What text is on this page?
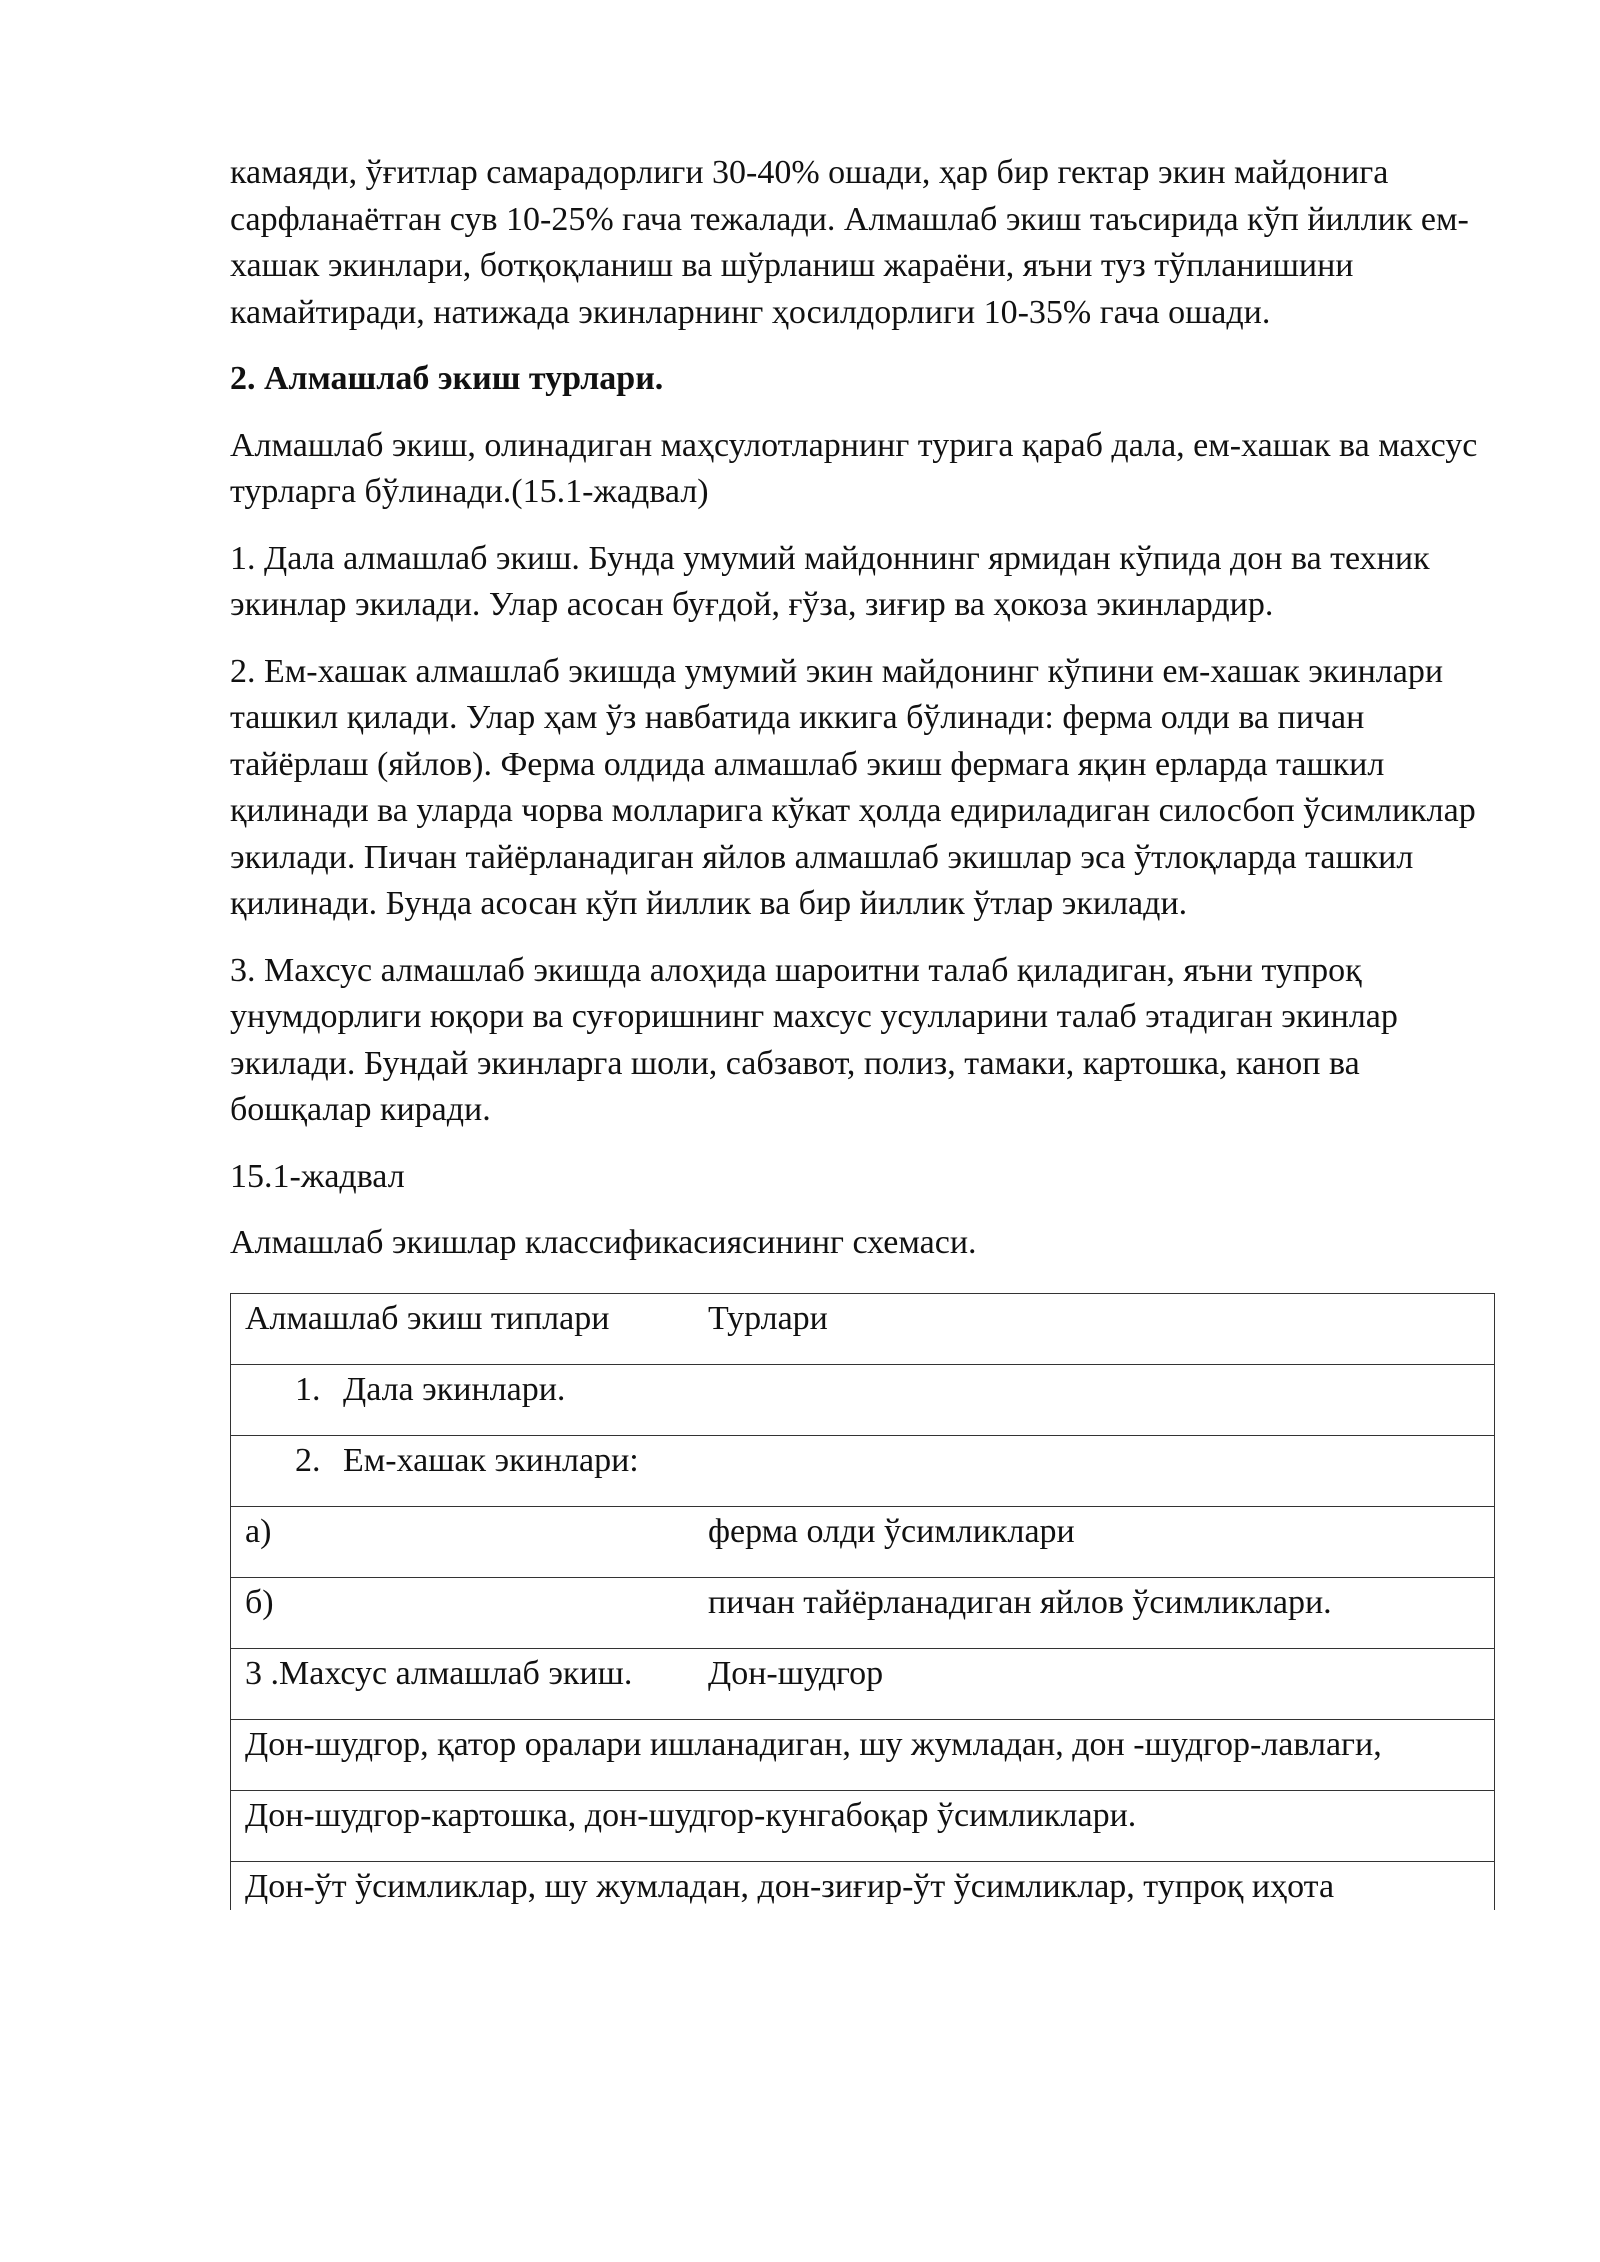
камаяди, ўғитлар самарадорлиги 30-40% ошади, ҳар бир гектар экин майдонига сарфланаётган сув 10-25% гача тежалади. Алмашлаб экиш таъсирида кўп йиллик ем-хашак экинлари, ботқоқланиш ва шўрланиш жараёни, яъни туз тўпланишини камайтиради, натижада экинларнинг ҳосилдорлиги 10-35% гача ошади.

2. Алмашлаб экиш турлари.

Алмашлаб экиш, олинадиган маҳсулотларнинг турига қараб дала, ем-хашак ва махсус турларга бўлинади.(15.1-жадвал)

1. Дала алмашлаб экиш. Бунда умумий майдоннинг ярмидан кўпида дон ва техник экинлар экилади. Улар асосан буғдой, ғўза, зиғир ва ҳокоза экинлардир.

2. Ем-хашак алмашлаб экишда умумий экин майдонинг кўпини ем-хашак экинлари ташкил қилади. Улар ҳам ўз навбатида иккига бўлинади: ферма олди ва пичан тайёрлаш (яйлов). Ферма олдида алмашлаб экиш фермага яқин ерларда ташкил қилинади ва уларда чорва молларига кўкат ҳолда едириладиган силосбоп ўсимликлар экилади. Пичан тайёрланадиган яйлов алмашлаб экишлар эса ўтлоқларда ташкил қилинади. Бунда асосан кўп йиллик ва бир йиллик ўтлар экилади.

3. Махсус алмашлаб экишда алоҳида шароитни талаб қиладиган, яъни тупроқ унумдорлиги юқори ва суғоришнинг махсус усулларини талаб этадиган экинлар экилади. Бундай экинларга шоли, сабзавот, полиз, тамаки, картошка, каноп ва бошқалар киради.

15.1-жадвал

Алмашлаб экишлар классификасиясининг схемаси.

Алмашлаб экиш типлари	Турлари
1. Дала экинлари.	
2. Ем-хашак экинлари:	
а)	ферма олди ўсимликлари
б)	пичан тайёрланадиган яйлов ўсимликлари.
3 .Махсус алмашлаб экиш.	Дон-шудгор
Дон-шудгор, қатор оралари ишланадиган, шу жумладан, дон -шудгор-лавлаги,	
Дон-шудгор-картошка, дон-шудгор-кунгабоқар ўсимликлари.	
Дон-ўт ўсимликлар, шу жумладан, дон-зиғир-ўт ўсимликлар, тупроқ иҳота	
